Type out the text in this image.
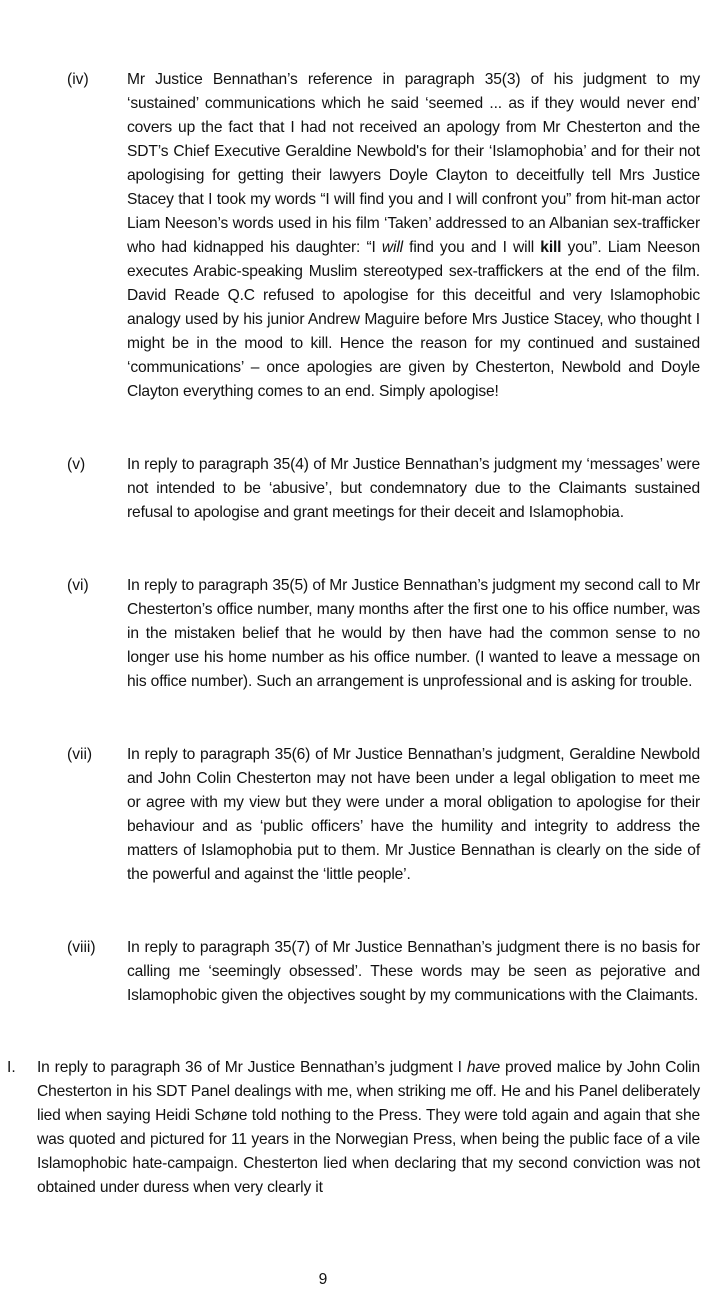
(iv) Mr Justice Bennathan’s reference in paragraph 35(3) of his judgment to my ‘sustained’ communications which he said ‘seemed ... as if they would never end’ covers up the fact that I had not received an apology from Mr Chesterton and the SDT’s Chief Executive Geraldine Newbold's for their ‘Islamophobia’ and for their not apologising for getting their lawyers Doyle Clayton to deceitfully tell Mrs Justice Stacey that I took my words “I will find you and I will confront you” from hit-man actor Liam Neeson’s words used in his film ‘Taken’ addressed to an Albanian sex-trafficker who had kidnapped his daughter: “I will find you and I will kill you”. Liam Neeson executes Arabic-speaking Muslim stereotyped sex-traffickers at the end of the film. David Reade Q.C refused to apologise for this deceitful and very Islamophobic analogy used by his junior Andrew Maguire before Mrs Justice Stacey, who thought I might be in the mood to kill. Hence the reason for my continued and sustained ‘communications’ – once apologies are given by Chesterton, Newbold and Doyle Clayton everything comes to an end. Simply apologise!
(v)	In reply to paragraph 35(4) of Mr Justice Bennathan’s judgment my ‘messages’ were not intended to be ‘abusive’, but condemnatory due to the Claimants sustained refusal to apologise and grant meetings for their deceit and Islamophobia.
(vi) In reply to paragraph 35(5) of Mr Justice Bennathan’s judgment my second call to Mr Chesterton’s office number, many months after the first one to his office number, was in the mistaken belief that he would by then have had the common sense to no longer use his home number as his office number. (I wanted to leave a message on his office number). Such an arrangement is unprofessional and is asking for trouble.
(vii) In reply to paragraph 35(6) of Mr Justice Bennathan’s judgment, Geraldine Newbold and John Colin Chesterton may not have been under a legal obligation to meet me or agree with my view but they were under a moral obligation to apologise for their behaviour and as ‘public officers’ have the humility and integrity to address the matters of Islamophobia put to them. Mr Justice Bennathan is clearly on the side of the powerful and against the ‘little people’.
(viii) In reply to paragraph 35(7) of Mr Justice Bennathan’s judgment there is no basis for calling me ‘seemingly obsessed’. These words may be seen as pejorative and Islamophobic given the objectives sought by my communications with the Claimants.
I. In reply to paragraph 36 of Mr Justice Bennathan’s judgment I have proved malice by John Colin Chesterton in his SDT Panel dealings with me, when striking me off. He and his Panel deliberately lied when saying Heidi Schøne told nothing to the Press. They were told again and again that she was quoted and pictured for 11 years in the Norwegian Press, when being the public face of a vile Islamophobic hate-campaign. Chesterton lied when declaring that my second conviction was not obtained under duress when very clearly it
9
